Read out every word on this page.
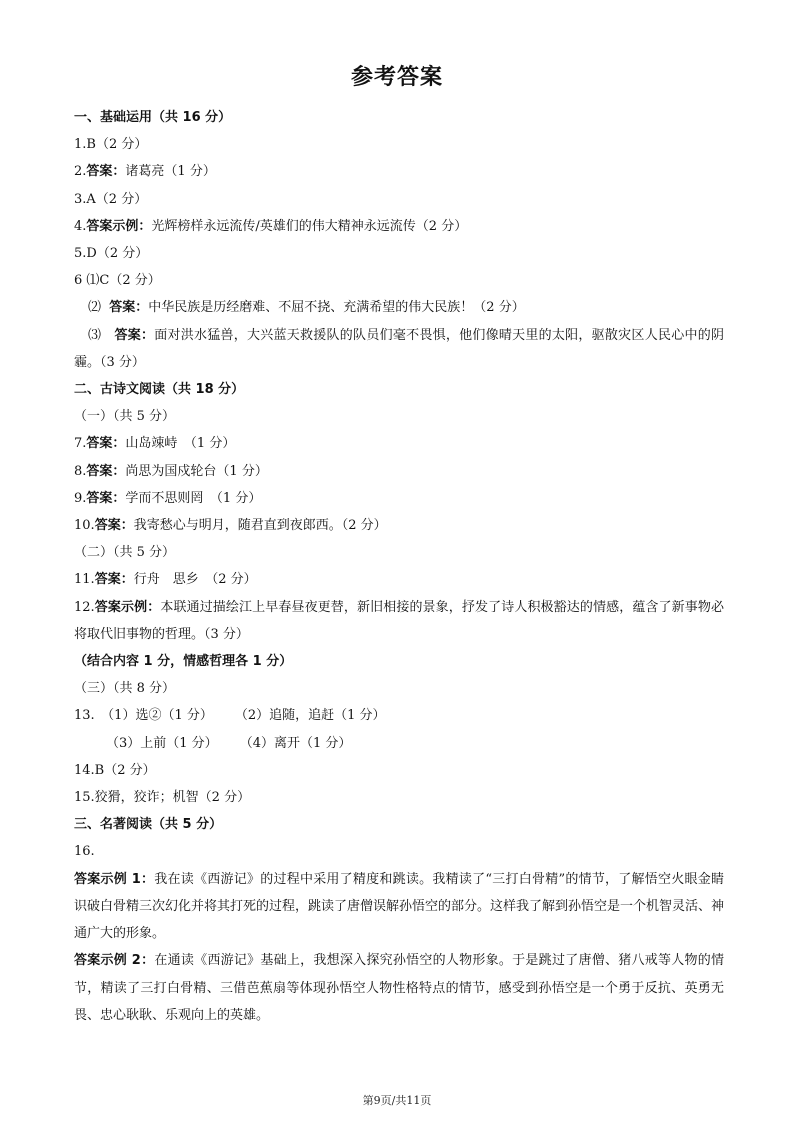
参考答案
一、基础运用（共 16 分）
1.B（2 分）
2.答案：诸葛亮（1 分）
3.A（2 分）
4.答案示例：光辉榜样永远流传/英雄们的伟大精神永远流传（2 分）
5.D（2 分）
6 ⑴C（2 分）
⑵ 答案：中华民族是历经磨难、不屈不挠、充满希望的伟大民族！（2 分）
⑶ 答案：面对洪水猛兽，大兴蓝天救援队的队员们毫不畏惧，他们像晴天里的太阳，驱散灾区人民心中的阴霾。（3 分）
二、古诗文阅读（共 18 分）
（一）（共 5 分）
7.答案：山岛竦峙　（1 分）
8.答案：尚思为国戍轮台（1 分）
9.答案：学而不思则罔　（1 分）
10.答案：我寄愁心与明月，随君直到夜郎西。（2 分）
（二）（共 5 分）
11.答案：行舟　思乡　（2 分）
12.答案示例：本联通过描绘江上早春昼夜更替，新旧相接的景象，抒发了诗人积极豁达的情感，蕴含了新事物必将取代旧事物的哲理。（3 分）
（结合内容 1 分，情感哲理各 1 分）
（三）（共 8 分）
13.　（1）选②（1 分） （2）追随，追赶（1 分）
（3）上前（1 分） （4）离开（1 分）
14.B（2 分）
15.狡猾，狡诈；机智（2 分）
三、名著阅读（共 5 分）
16.
答案示例 1：我在读《西游记》的过程中采用了精度和跳读。我精读了“三打白骨精”的情节，了解悟空火眼金睛识破白骨精三次幻化并将其打死的过程，跳读了唐僧误解孙悟空的部分。这样我了解到孙悟空是一个机智灵活、神通广大的形象。
答案示例 2：在通读《西游记》基础上，我想深入探究孙悟空的人物形象。于是跳过了唐僧、猪八戒等人物的情节，精读了三打白骨精、三借芭蕉扇等体现孙悟空人物性格特点的情节，感受到孙悟空是一个勇于反抗、英勇无畏、忠心耿耿、乐观向上的英雄。
第9页/共11页
